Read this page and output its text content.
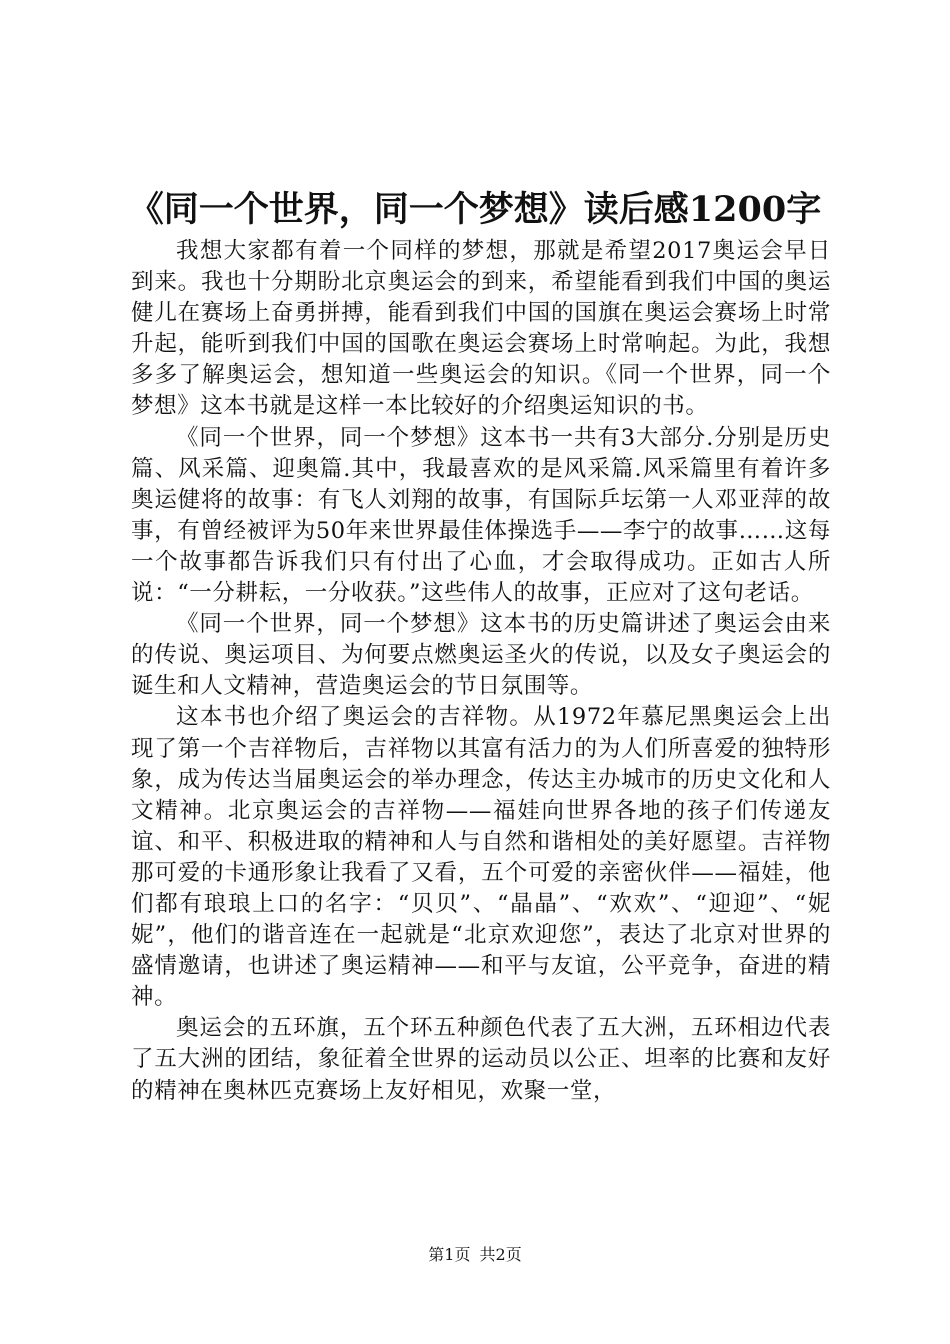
《同一个世界，同一个梦想》读后感1200字

我想大家都有着一个同样的梦想，那就是希望2017奥运会早日到来。我也十分期盼北京奥运会的到来，希望能看到我们中国的奥运健儿在赛场上奋勇拼搏，能看到我们中国的国旗在奥运会赛场上时常升起，能听到我们中国的国歌在奥运会赛场上时常响起。为此，我想多多了解奥运会，想知道一些奥运会的知识。《同一个世界，同一个梦想》这本书就是这样一本比较好的介绍奥运知识的书。

《同一个世界，同一个梦想》这本书一共有3大部分.分别是历史篇、风采篇、迎奥篇.其中，我最喜欢的是风采篇.风采篇里有着许多奥运健将的故事：有飞人刘翔的故事，有国际乒坛第一人邓亚萍的故事，有曾经被评为50年来世界最佳体操选手——李宁的故事……这每一个故事都告诉我们只有付出了心血，才会取得成功。正如古人所说：“一分耕耘，一分收获。”这些伟人的故事，正应对了这句老话。

《同一个世界，同一个梦想》这本书的历史篇讲述了奥运会由来的传说、奥运项目、为何要点燃奥运圣火的传说，以及女子奥运会的诞生和人文精神，营造奥运会的节日氛围等。

这本书也介绍了奥运会的吉祥物。从1972年慕尼黑奥运会上出现了第一个吉祥物后，吉祥物以其富有活力的为人们所喜爱的独特形象，成为传达当届奥运会的举办理念，传达主办城市的历史文化和人文精神。北京奥运会的吉祥物——福娃向世界各地的孩子们传递友谊、和平、积极进取的精神和人与自然和谐相处的美好愿望。吉祥物那可爱的卡通形象让我看了又看，五个可爱的亲密伙伴——福娃，他们都有琅琅上口的名字：“贝贝”、“晶晶”、“欢欢”、“迎迎”、“妮妮”，他们的谐音连在一起就是“北京欢迎您”，表达了北京对世界的盛情邀请，也讲述了奥运精神——和平与友谊，公平竞争，奋进的精神。

奥运会的五环旗，五个环五种颜色代表了五大洲，五环相边代表了五大洲的团结，象征着全世界的运动员以公正、坦率的比赛和友好的精神在奥林匹克赛场上友好相见，欢聚一堂，

第1页 共2页
